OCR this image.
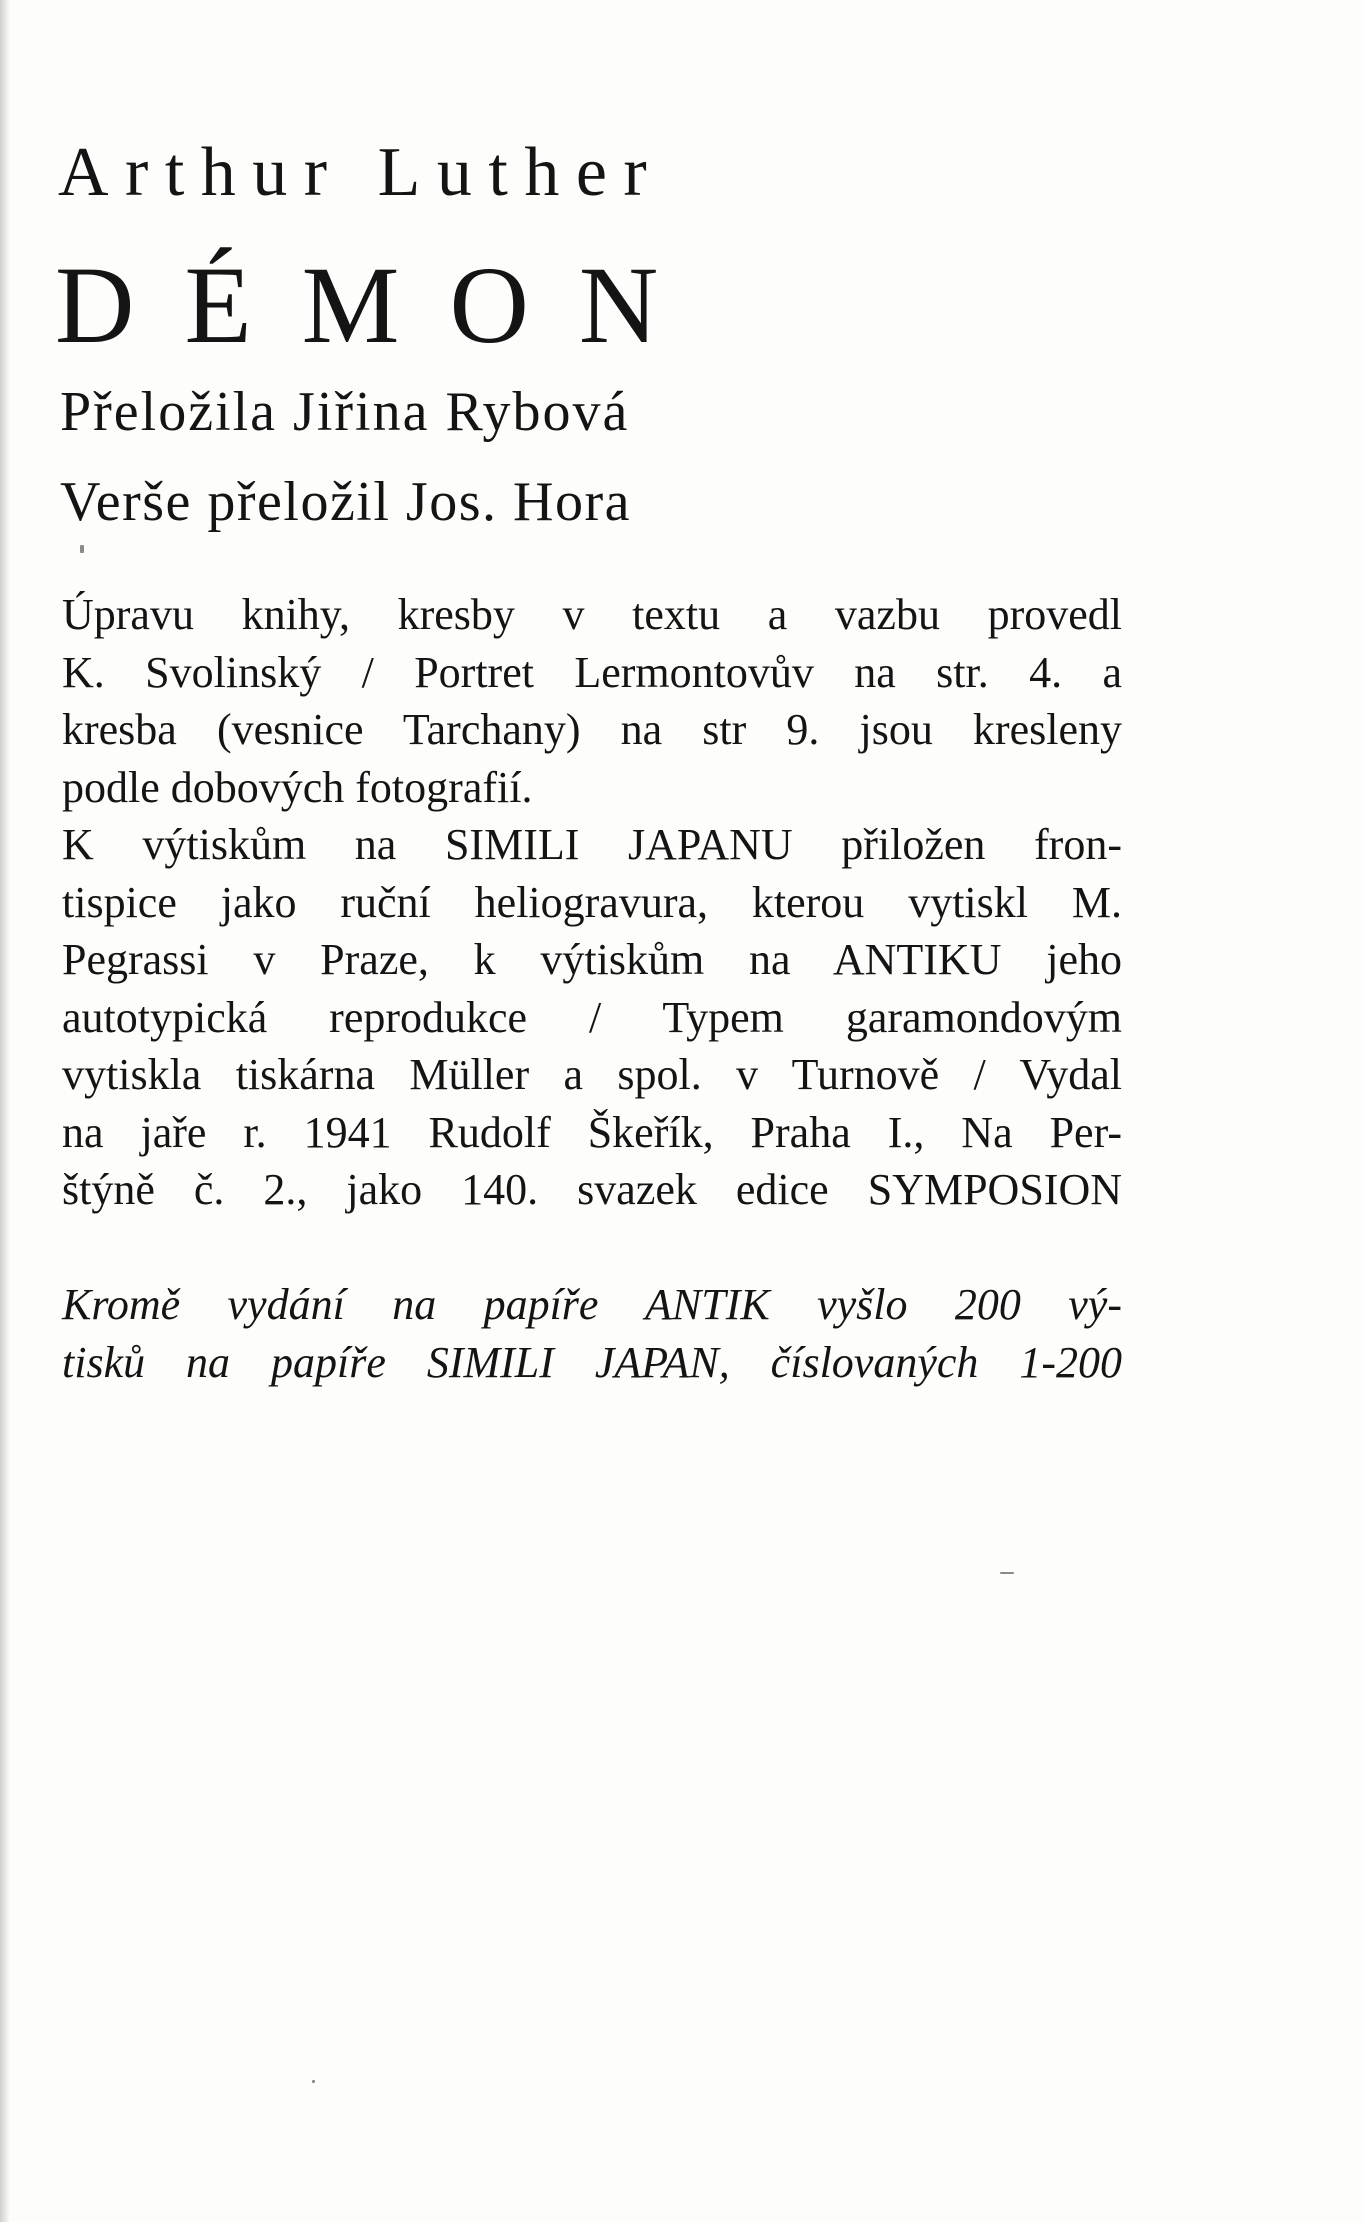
Arthur Luther
DÉMON
Přeložila Jiřina Rybová
Verše přeložil Jos. Hora
Úpravu knihy, kresby v textu a vazbu provedl
K. Svolinský / Portret Lermontovův na str. 4. a
kresba (vesnice Tarchany) na str 9. jsou kresleny
podle dobových fotografií.
K výtiskům na SIMILI JAPANU přiložen fron-
tispice jako ruční heliogravura, kterou vytiskl M.
Pegrassi v Praze, k výtiskům na ANTIKU jeho
autotypická reprodukce / Typem garamondovým
vytiskla tiskárna Müller a spol. v Turnově / Vydal
na jaře r. 1941 Rudolf Škeřík, Praha I., Na Per-
štýně č. 2., jako 140. svazek edice SYMPOSION
Kromě vydání na papíře ANTIK vyšlo 200 vý-
tisků na papíře SIMILI JAPAN, číslovaných 1-200
